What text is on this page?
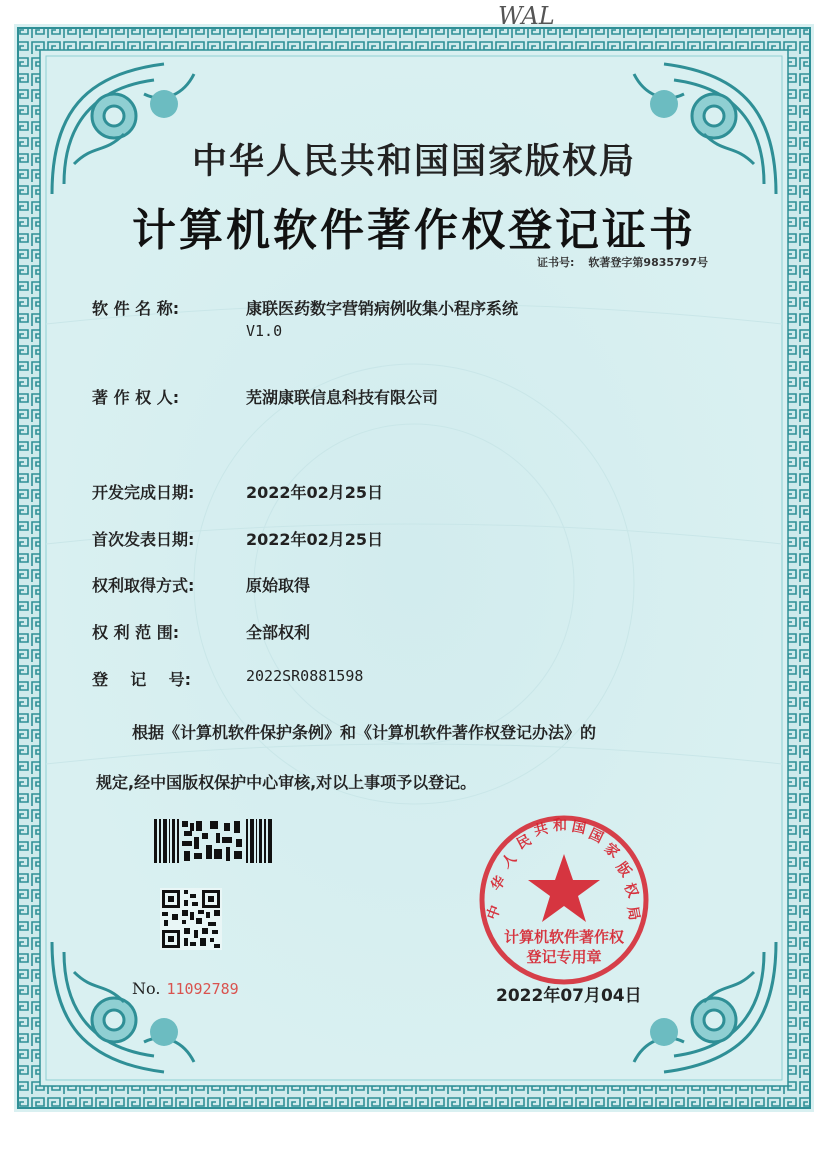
中华人民共和国国家版权局
计算机软件著作权登记证书
证书号: 软著登字第9835797号
软 件 名 称:	康联医药数字营销病例收集小程序系统
V1.0
著 作 权 人:	芜湖康联信息科技有限公司
开发完成日期:	2022年02月25日
首次发表日期:	2022年02月25日
权利取得方式:	原始取得
权 利 范 围:	全部权利
登    记    号:	2022SR0881598
根据《计算机软件保护条例》和《计算机软件著作权登记办法》的
规定,经中国版权保护中心审核,对以上事项予以登记。
No. 11092789
中
华
人
民
共 和 国
国
家
版
权
局
计算机软件著作权
登记专用章
2022年07月04日
WAL
